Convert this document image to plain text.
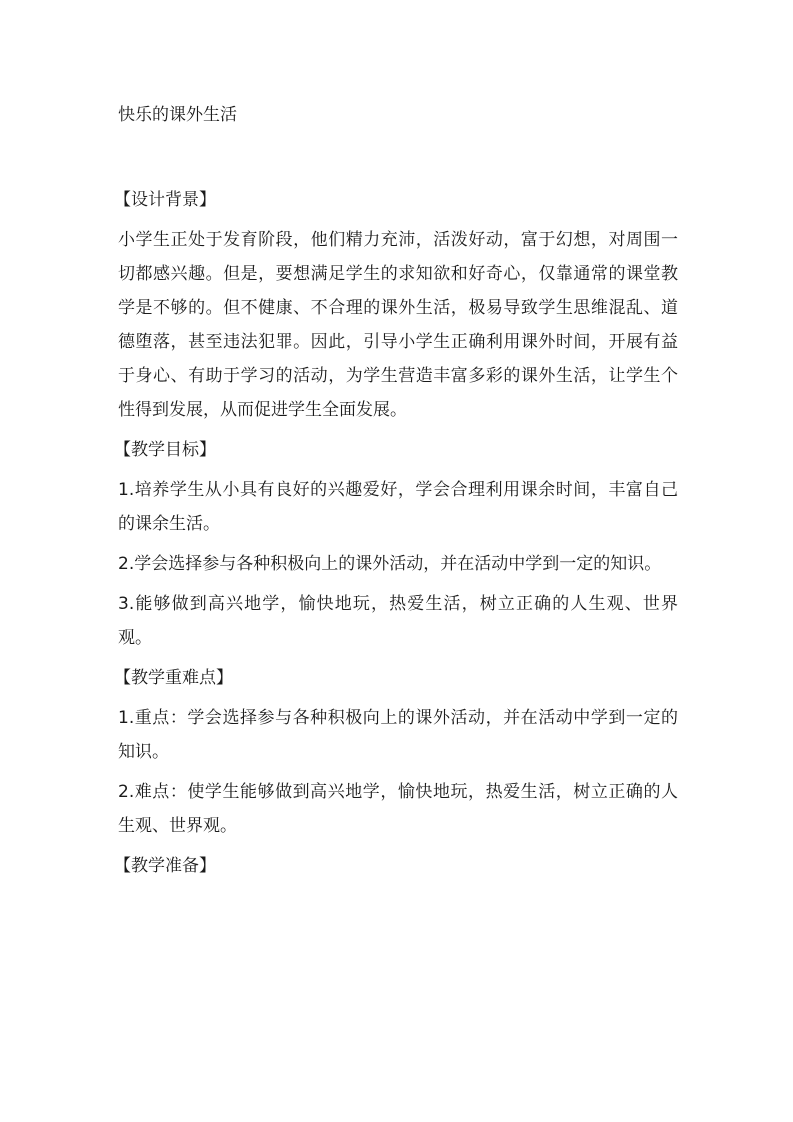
快乐的课外生活
【设计背景】

小学生正处于发育阶段，他们精力充沛，活泼好动，富于幻想，对周围一切都感兴趣。但是，要想满足学生的求知欲和好奇心，仅靠通常的课堂教学是不够的。但不健康、不合理的课外生活，极易导致学生思维混乱、道德堕落，甚至违法犯罪。因此，引导小学生正确利用课外时间，开展有益于身心、有助于学习的活动，为学生营造丰富多彩的课外生活，让学生个性得到发展，从而促进学生全面发展。

【教学目标】

1.培养学生从小具有良好的兴趣爱好，学会合理利用课余时间，丰富自己的课余生活。

2.学会选择参与各种积极向上的课外活动，并在活动中学到一定的知识。

3.能够做到高兴地学，愉快地玩，热爱生活，树立正确的人生观、世界观。

【教学重难点】

1.重点：学会选择参与各种积极向上的课外活动，并在活动中学到一定的知识。

2.难点：使学生能够做到高兴地学，愉快地玩，热爱生活，树立正确的人生观、世界观。

【教学准备】
